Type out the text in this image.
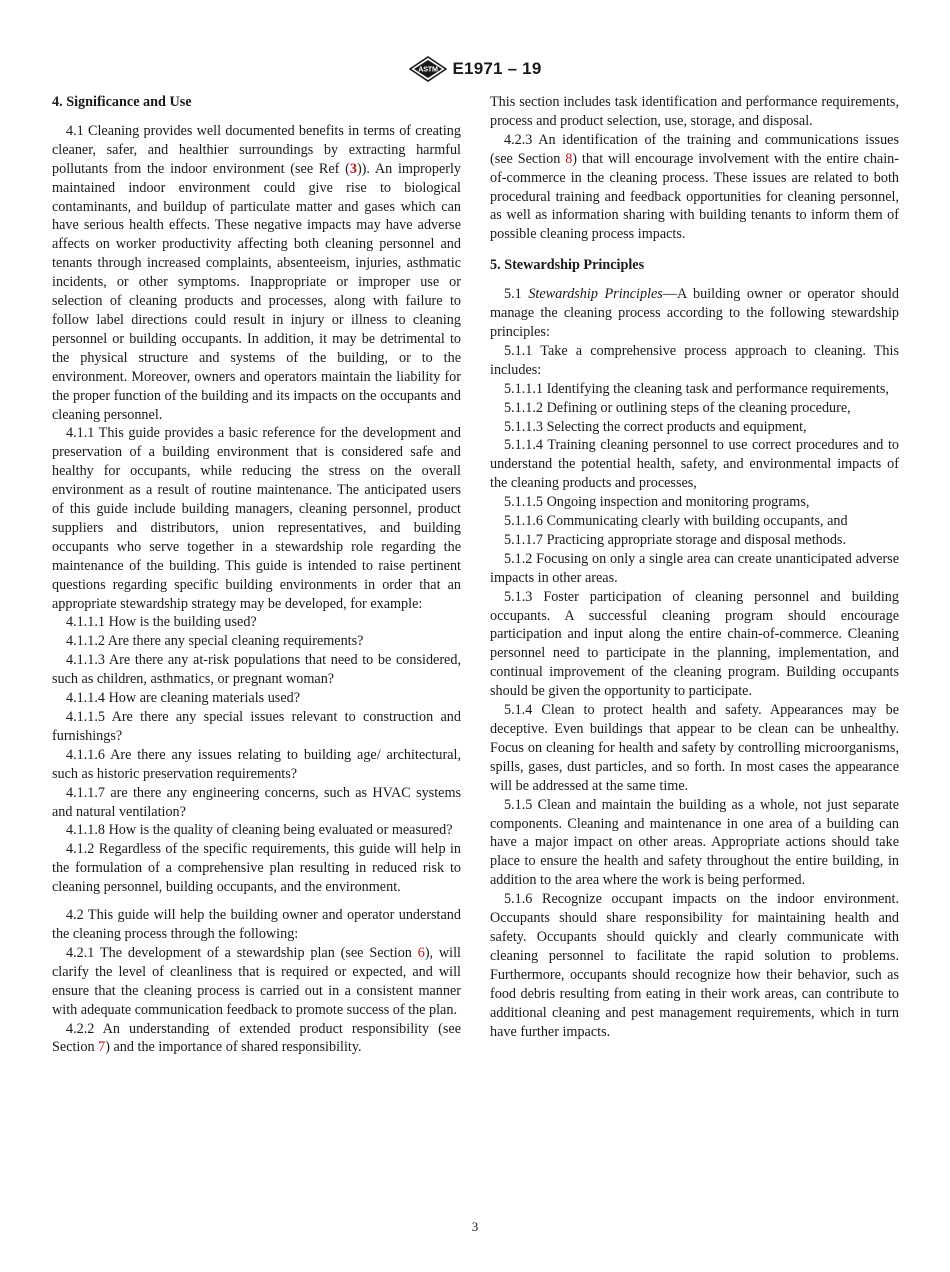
ASTM E1971 – 19

4. Significance and Use

4.1 Cleaning provides well documented benefits in terms of creating cleaner, safer, and healthier surroundings by extracting harmful pollutants from the indoor environment (see Ref (3)). An improperly maintained indoor environment could give rise to biological contaminants, and buildup of particulate matter and gases which can have serious health effects. These negative impacts may have adverse affects on worker productivity affecting both cleaning personnel and tenants through increased complaints, absenteeism, injuries, asthmatic incidents, or other symptoms. Inappropriate or improper use or selection of cleaning products and processes, along with failure to follow label directions could result in injury or illness to cleaning personnel or building occupants. In addition, it may be detrimental to the physical structure and systems of the building, or to the environment. Moreover, owners and operators maintain the liability for the proper function of the building and its impacts on the occupants and cleaning personnel.

4.1.1 This guide provides a basic reference for the development and preservation of a building environment that is considered safe and healthy for occupants, while reducing the stress on the overall environment as a result of routine maintenance. The anticipated users of this guide include building managers, cleaning personnel, product suppliers and distributors, union representatives, and building occupants who serve together in a stewardship role regarding the maintenance of the building. This guide is intended to raise pertinent questions regarding specific building environments in order that an appropriate stewardship strategy may be developed, for example:

4.1.1.1 How is the building used?

4.1.1.2 Are there any special cleaning requirements?

4.1.1.3 Are there any at-risk populations that need to be considered, such as children, asthmatics, or pregnant woman?

4.1.1.4 How are cleaning materials used?

4.1.1.5 Are there any special issues relevant to construction and furnishings?

4.1.1.6 Are there any issues relating to building age/ architectural, such as historic preservation requirements?

4.1.1.7 are there any engineering concerns, such as HVAC systems and natural ventilation?

4.1.1.8 How is the quality of cleaning being evaluated or measured?

4.1.2 Regardless of the specific requirements, this guide will help in the formulation of a comprehensive plan resulting in reduced risk to cleaning personnel, building occupants, and the environment.

4.2 This guide will help the building owner and operator understand the cleaning process through the following:

4.2.1 The development of a stewardship plan (see Section 6), will clarify the level of cleanliness that is required or expected, and will ensure that the cleaning process is carried out in a consistent manner with adequate communication feedback to promote success of the plan.

4.2.2 An understanding of extended product responsibility (see Section 7) and the importance of shared responsibility.

This section includes task identification and performance requirements, process and product selection, use, storage, and disposal.

4.2.3 An identification of the training and communications issues (see Section 8) that will encourage involvement with the entire chain-of-commerce in the cleaning process. These issues are related to both procedural training and feedback opportunities for cleaning personnel, as well as information sharing with building tenants to inform them of possible cleaning process impacts.

5. Stewardship Principles

5.1 Stewardship Principles—A building owner or operator should manage the cleaning process according to the following stewardship principles:

5.1.1 Take a comprehensive process approach to cleaning. This includes:

5.1.1.1 Identifying the cleaning task and performance requirements,

5.1.1.2 Defining or outlining steps of the cleaning procedure,

5.1.1.3 Selecting the correct products and equipment,

5.1.1.4 Training cleaning personnel to use correct procedures and to understand the potential health, safety, and environmental impacts of the cleaning products and processes,

5.1.1.5 Ongoing inspection and monitoring programs,

5.1.1.6 Communicating clearly with building occupants, and

5.1.1.7 Practicing appropriate storage and disposal methods.

5.1.2 Focusing on only a single area can create unanticipated adverse impacts in other areas.

5.1.3 Foster participation of cleaning personnel and building occupants. A successful cleaning program should encourage participation and input along the entire chain-of-commerce. Cleaning personnel need to participate in the planning, implementation, and continual improvement of the cleaning program. Building occupants should be given the opportunity to participate.

5.1.4 Clean to protect health and safety. Appearances may be deceptive. Even buildings that appear to be clean can be unhealthy. Focus on cleaning for health and safety by controlling microorganisms, spills, gases, dust particles, and so forth. In most cases the appearance will be addressed at the same time.

5.1.5 Clean and maintain the building as a whole, not just separate components. Cleaning and maintenance in one area of a building can have a major impact on other areas. Appropriate actions should take place to ensure the health and safety throughout the entire building, in addition to the area where the work is being performed.

5.1.6 Recognize occupant impacts on the indoor environment. Occupants should share responsibility for maintaining health and safety. Occupants should quickly and clearly communicate with cleaning personnel to facilitate the rapid solution to problems. Furthermore, occupants should recognize how their behavior, such as food debris resulting from eating in their work areas, can contribute to additional cleaning and pest management requirements, which in turn have further impacts.

3
